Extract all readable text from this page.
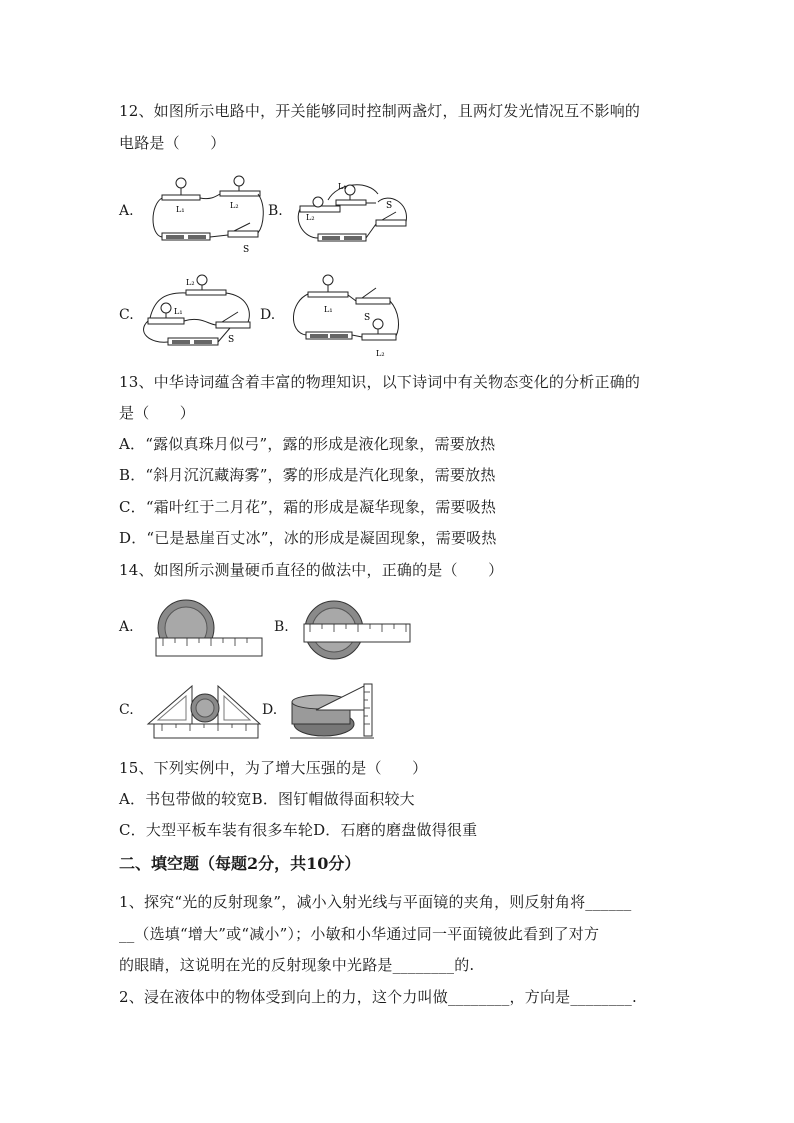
12、如图所示电路中，开关能够同时控制两盏灯，且两灯发光情况互不影响的
电路是（　　）
A.	L₁	L₂
S
B.
L₁
L₂
S
C.	L₁
L₂
S
D.	L₁
L₂
S
13、中华诗词蕴含着丰富的物理知识，以下诗词中有关物态变化的分析正确的
是（　　）
A．“露似真珠月似弓”，露的形成是液化现象，需要放热
B．“斜月沉沉藏海雾”，雾的形成是汽化现象，需要放热
C．“霜叶红于二月花”，霜的形成是凝华现象，需要吸热
D．“已是悬崖百丈冰”，冰的形成是凝固现象，需要吸热
14、如图所示测量硬币直径的做法中，正确的是（　　）
A.	B.
C.	D.
15、下列实例中，为了增大压强的是（　　）
A．书包带做的较宽B．图钉帽做得面积较大
C．大型平板车装有很多车轮D．石磨的磨盘做得很重
二、填空题（每题2分，共10分）
1、探究“光的反射现象”，减小入射光线与平面镜的夹角，则反射角将______
__（选填“增大”或“减小”）；小敏和小华通过同一平面镜彼此看到了对方
的眼睛，这说明在光的反射现象中光路是________的.
2、浸在液体中的物体受到向上的力，这个力叫做________，方向是________.
